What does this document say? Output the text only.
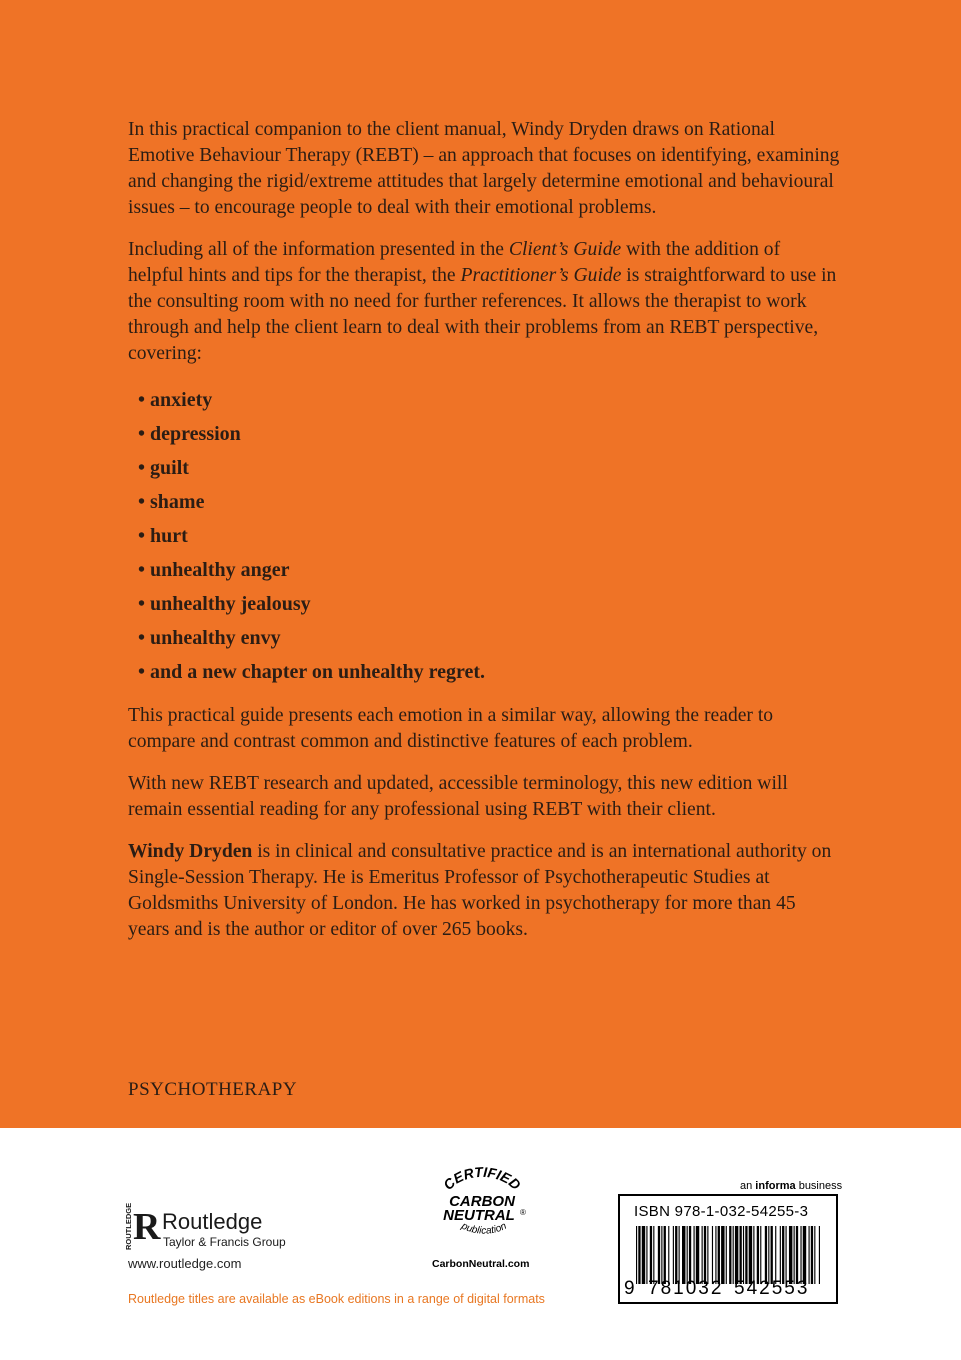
In this practical companion to the client manual, Windy Dryden draws on Rational Emotive Behaviour Therapy (REBT) – an approach that focuses on identifying, examining and changing the rigid/extreme attitudes that largely determine emotional and behavioural issues – to encourage people to deal with their emotional problems.

Including all of the information presented in the Client’s Guide with the addition of helpful hints and tips for the therapist, the Practitioner’s Guide is straightforward to use in the consulting room with no need for further references. It allows the therapist to work through and help the client learn to deal with their problems from an REBT perspective, covering:

• anxiety
• depression
• guilt
• shame
• hurt
• unhealthy anger
• unhealthy jealousy
• unhealthy envy
• and a new chapter on unhealthy regret.

This practical guide presents each emotion in a similar way, allowing the reader to compare and contrast common and distinctive features of each problem.

With new REBT research and updated, accessible terminology, this new edition will remain essential reading for any professional using REBT with their client.

Windy Dryden is in clinical and consultative practice and is an international authority on Single-Session Therapy. He is Emeritus Professor of Psychotherapeutic Studies at Goldsmiths University of London. He has worked in psychotherapy for more than 45 years and is the author or editor of over 265 books.

PSYCHOTHERAPY
ROUTLEDGE R Routledge
Taylor & Francis Group
www.routledge.com
Routledge titles are available as eBook editions in a range of digital formats
CERTIFIED
CARBON
NEUTRAL ®
publication
CarbonNeutral.com
an informa business
ISBN 978-1-032-54255-3
9 781032 542553
